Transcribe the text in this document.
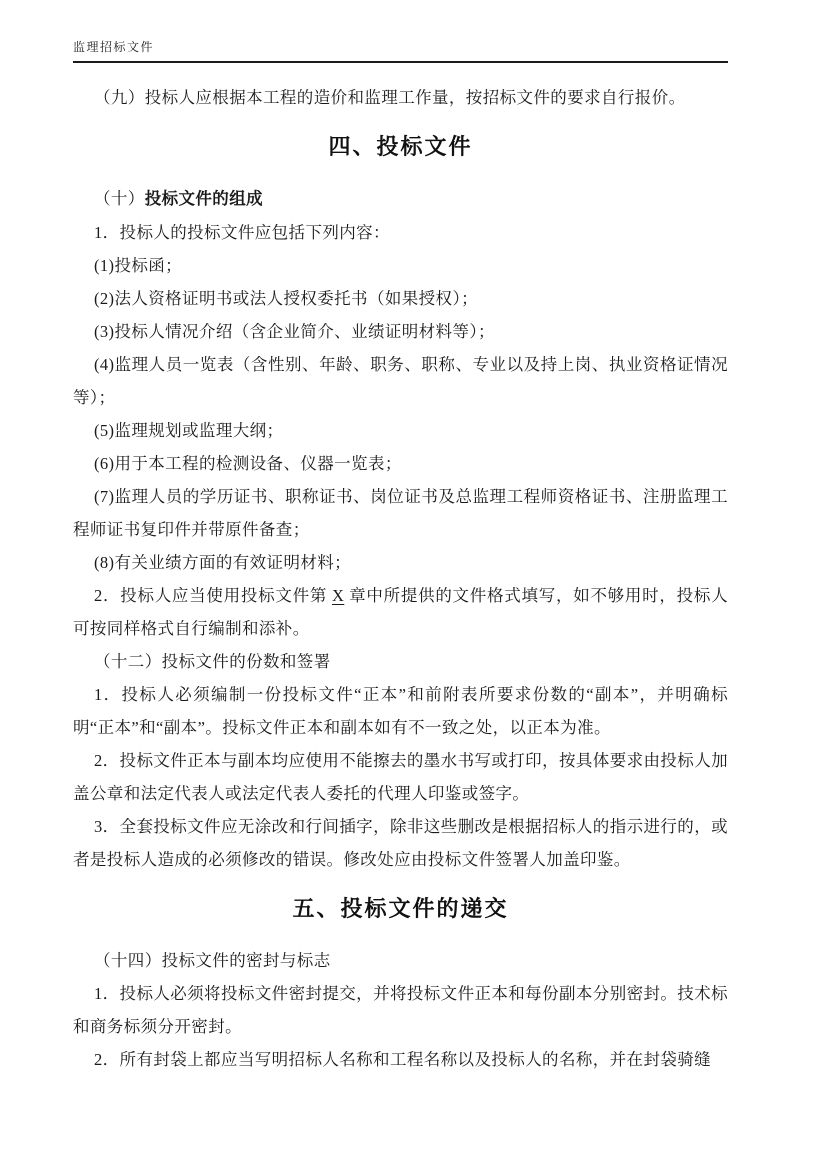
监理招标文件

（九）投标人应根据本工程的造价和监理工作量，按招标文件的要求自行报价。

四、投标文件

（十）投标文件的组成

1．投标人的投标文件应包括下列内容：

(1)投标函；

(2)法人资格证明书或法人授权委托书（如果授权）；

(3)投标人情况介绍（含企业简介、业绩证明材料等）；

(4)监理人员一览表（含性别、年龄、职务、职称、专业以及持上岗、执业资格证情况等）；

(5)监理规划或监理大纲；

(6)用于本工程的检测设备、仪器一览表；

(7)监理人员的学历证书、职称证书、岗位证书及总监理工程师资格证书、注册监理工程师证书复印件并带原件备查；

(8)有关业绩方面的有效证明材料；

2．投标人应当使用投标文件第 X 章中所提供的文件格式填写，如不够用时，投标人可按同样格式自行编制和添补。

（十二）投标文件的份数和签署

1．投标人必须编制一份投标文件“正本”和前附表所要求份数的“副本”，并明确标明“正本”和“副本”。投标文件正本和副本如有不一致之处，以正本为准。

2．投标文件正本与副本均应使用不能擦去的墨水书写或打印，按具体要求由投标人加盖公章和法定代表人或法定代表人委托的代理人印鉴或签字。

3．全套投标文件应无涂改和行间插字，除非这些删改是根据招标人的指示进行的，或者是投标人造成的必须修改的错误。修改处应由投标文件签署人加盖印鉴。

五、投标文件的递交

（十四）投标文件的密封与标志

1．投标人必须将投标文件密封提交，并将投标文件正本和每份副本分别密封。技术标和商务标须分开密封。

2．所有封袋上都应当写明招标人名称和工程名称以及投标人的名称，并在封袋骑缝
